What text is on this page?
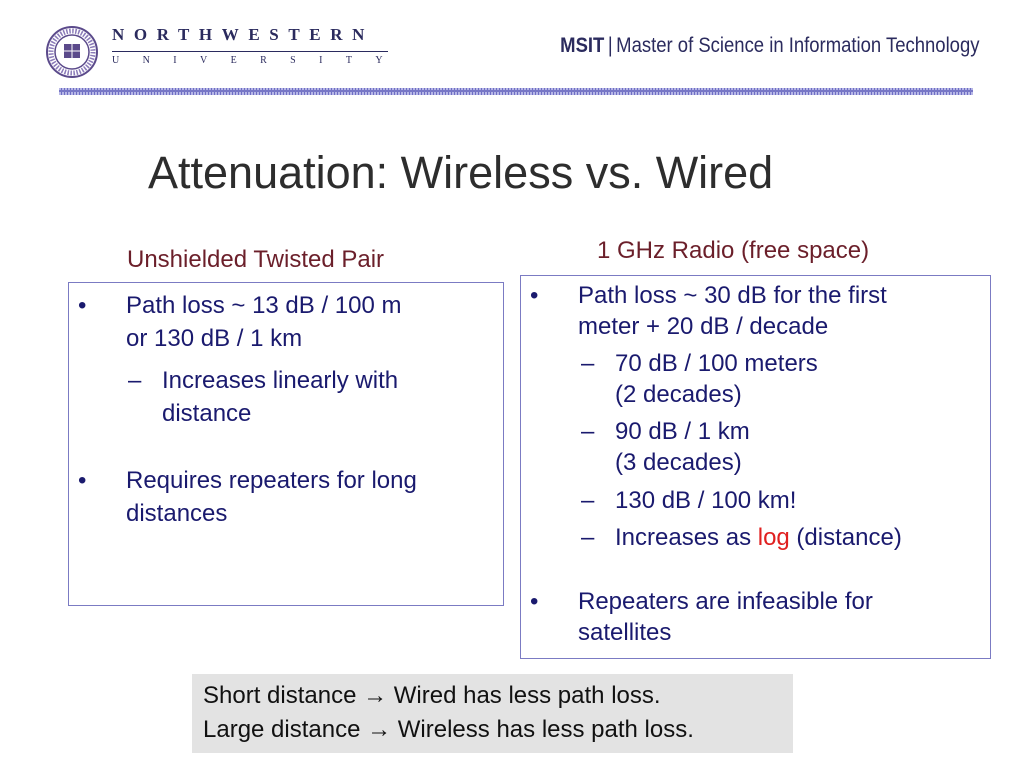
NORTHWESTERN
UNIVERSITY
MSIT | Master of Science in Information Technology
Attenuation: Wireless vs. Wired
Unshielded Twisted Pair	1 GHz Radio (free space)
• Path loss ~ 13 dB / 100 m
or 130 dB / 1 km
– Increases linearly with
distance
• Requires repeaters for long
distances
• Path loss ~ 30 dB for the first
meter + 20 dB / decade
– 70 dB / 100 meters
(2 decades)
– 90 dB / 1 km
(3 decades)
– 130 dB / 100 km!
– Increases as log (distance)
• Repeaters are infeasible for
satellites
Short distance → Wired has less path loss.
Large distance → Wireless has less path loss.
